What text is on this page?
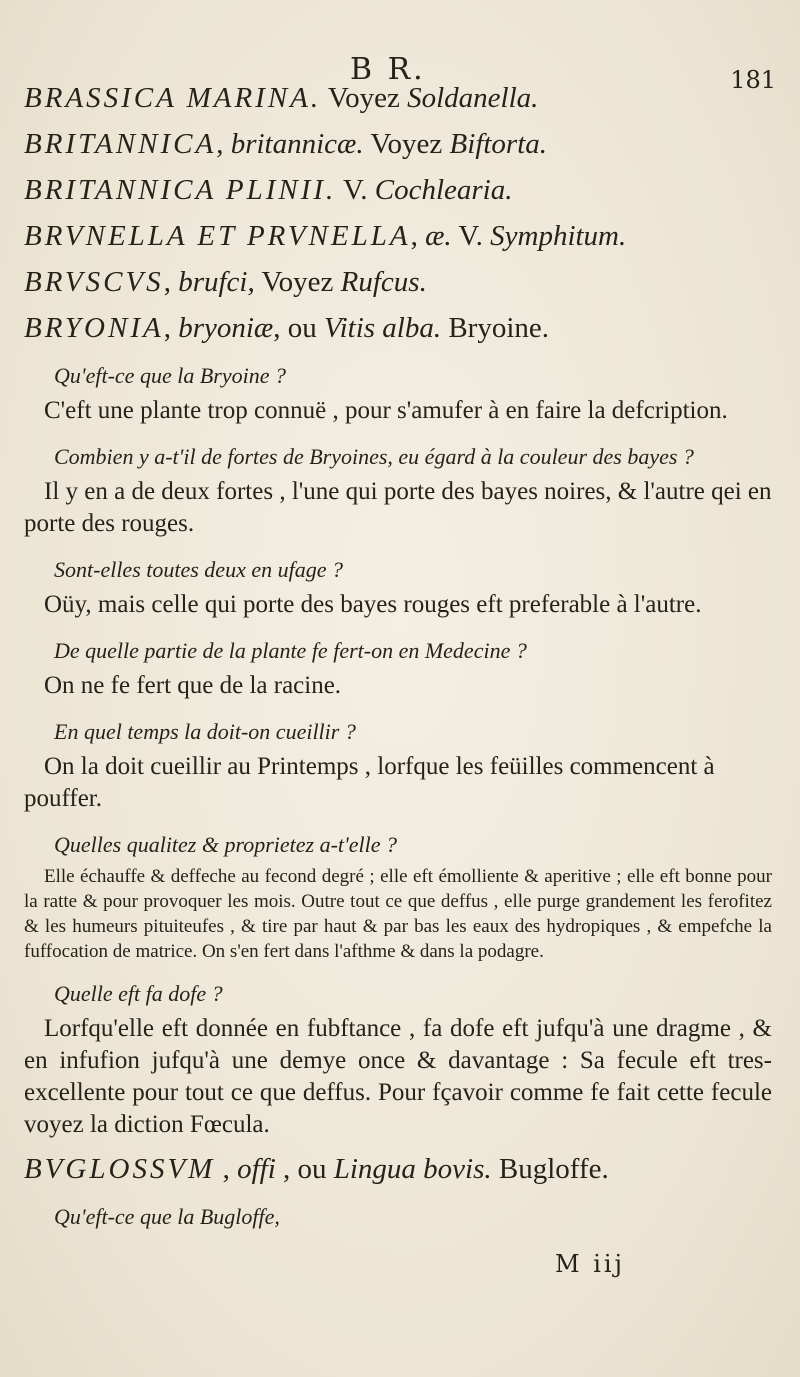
B R.	181
BRASSICA MARINA. Voyez Soldanella.
BRITANNICA, britannicæ. Voyez Biftorta.
BRITANNICA PLINII. V. Cochlearia.
BRVNELLA ET PRVNELLA, æ. V. Symphitum.
BRVSCVS, brufci, Voyez Rufcus.
BRYONIA, bryoniæ, ou Vitis alba. Bryoine.
Qu'eft-ce que la Bryoine ?
C'eft une plante trop connuë , pour s'amufer à en faire la defcription.
Combien y a-t'il de fortes de Bryoines, eu égard à la couleur des bayes ?
Il y en a de deux fortes , l'une qui porte des bayes noires, & l'autre qei en porte des rouges.
Sont-elles toutes deux en ufage ?
Oüy, mais celle qui porte des bayes rouges eft preferable à l'autre.
De quelle partie de la plante fe fert-on en Medecine ?
On ne fe fert que de la racine.
En quel temps la doit-on cueillir ?
On la doit cueillir au Printemps , lorfque les feüilles commencent à pouffer.
Quelles qualitez & proprietez a-t'elle ?
Elle échauffe & deffeche au fecond degré ; elle eft émolliente & aperitive ; elle eft bonne pour la ratte & pour provoquer les mois. Outre tout ce que deffus , elle purge grandement les ferofitez & les humeurs pituiteufes , & tire par haut & par bas les eaux des hydropiques , & empefche la fuffocation de matrice. On s'en fert dans l'afthme & dans la podagre.
Quelle eft fa dofe ?
Lorfqu'elle eft donnée en fubftance , fa dofe eft jufqu'à une dragme , & en infufion jufqu'à une demye once & davantage : Sa fecule eft tres-excellente pour tout ce que deffus. Pour fçavoir comme fe fait cette fecule voyez la diction Fœcula.
BVGLOSSVM , offi , ou Lingua bovis. Bugloffe.
Qu'eft-ce que la Bugloffe,
M iij
